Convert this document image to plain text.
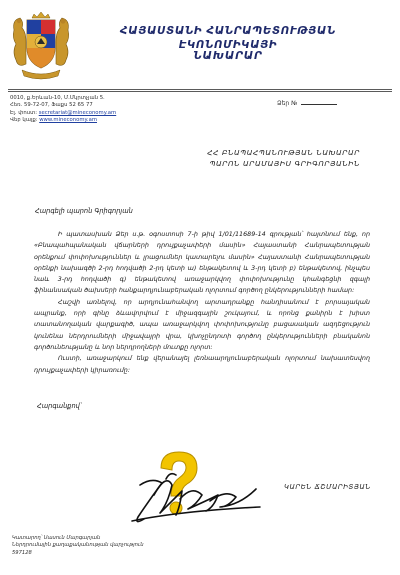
ՀԱՅԱՍՏԱՆԻ ՀԱՆՐԱՊԵՏՈՒԹՅԱՆ ԷԿՈՆՈՄԻԿԱՅԻ
ՆԱԽԱՐԱՐ
0010, ք.Երևան-10, Մ.Մկրտչյան 5.
Հեռ. 59-72-07, Ֆաքս 52 65 77
Էլ. փոստ: secretariat@mineconomy.am
Վեբ կայք: www.mineconomy.am
Ձեր №
ՀՀ ԲՆԱՊԱՀՊԱՆՈՒԹՅԱՆ ՆԱԽԱՐԱՐ
ՊԱՐՈՆ ԱՐԱՄԱՅԻՍ ԳՐԻԳՈՐՅԱՆԻՆ
Հարգելի պարոն Գրիգորյան

Ի պատասխան Ձեր ս.թ. օգոստոսի 7-ի թիվ 1/01/11689-14 գրության՝ հայտնում ենք, որ «Բնապահպանական վճարների դրույքաչափերի մասին» Հայաստանի Հանրապետության օրենքում փոփոխություններ և լրացումներ կատարելու մասին» Հայաստանի Հանրապետության օրենքի նախագծի 2-րդ հոդվածի 2-րդ կետի ա) ենթակետով և 3-րդ կետի բ) ենթակետով, ինչպես նաև 3-րդ հոդվածի գ) ենթակետով առաջարկվող փոփոխությունը կհանգեցնի զգալի ֆինանսական ծախսերի հանքարդյունաբերական ոլորտում գործող ընկերությունների համար:

Հաշվի առնելով, որ արդյունահանվող արտադրանքը հանդիսանում է բորսայական ապրանք, որի գինը ձևավորվում է միջազգային շուկայում, և որոնց քանիրն է խիստ տատանողական վարքագիծ, ապա առաջարկվող փոփոխությունը բացասական ազդեցություն կունենա ներդրումների միջավայրի վրա, կխոչընդոտի գործող ընկերությունների բնականոն գործունեությանը և նոր ներդրողների մուտքը ոլորտ:

Ուստի, առաջարկում ենք վերանայել լեռնաարդյունաբերական ոլորտում նախատեսվող դրույքաչափերի կիրառումը:

Հարգանքով՝
ԿԱՐԵՆ ՃՇՄԱՐԻՏՅԱՆ
Կատարող՝ Սասուն Մարգարյան
Ներդրումային քաղաքականության վարչություն
597128
